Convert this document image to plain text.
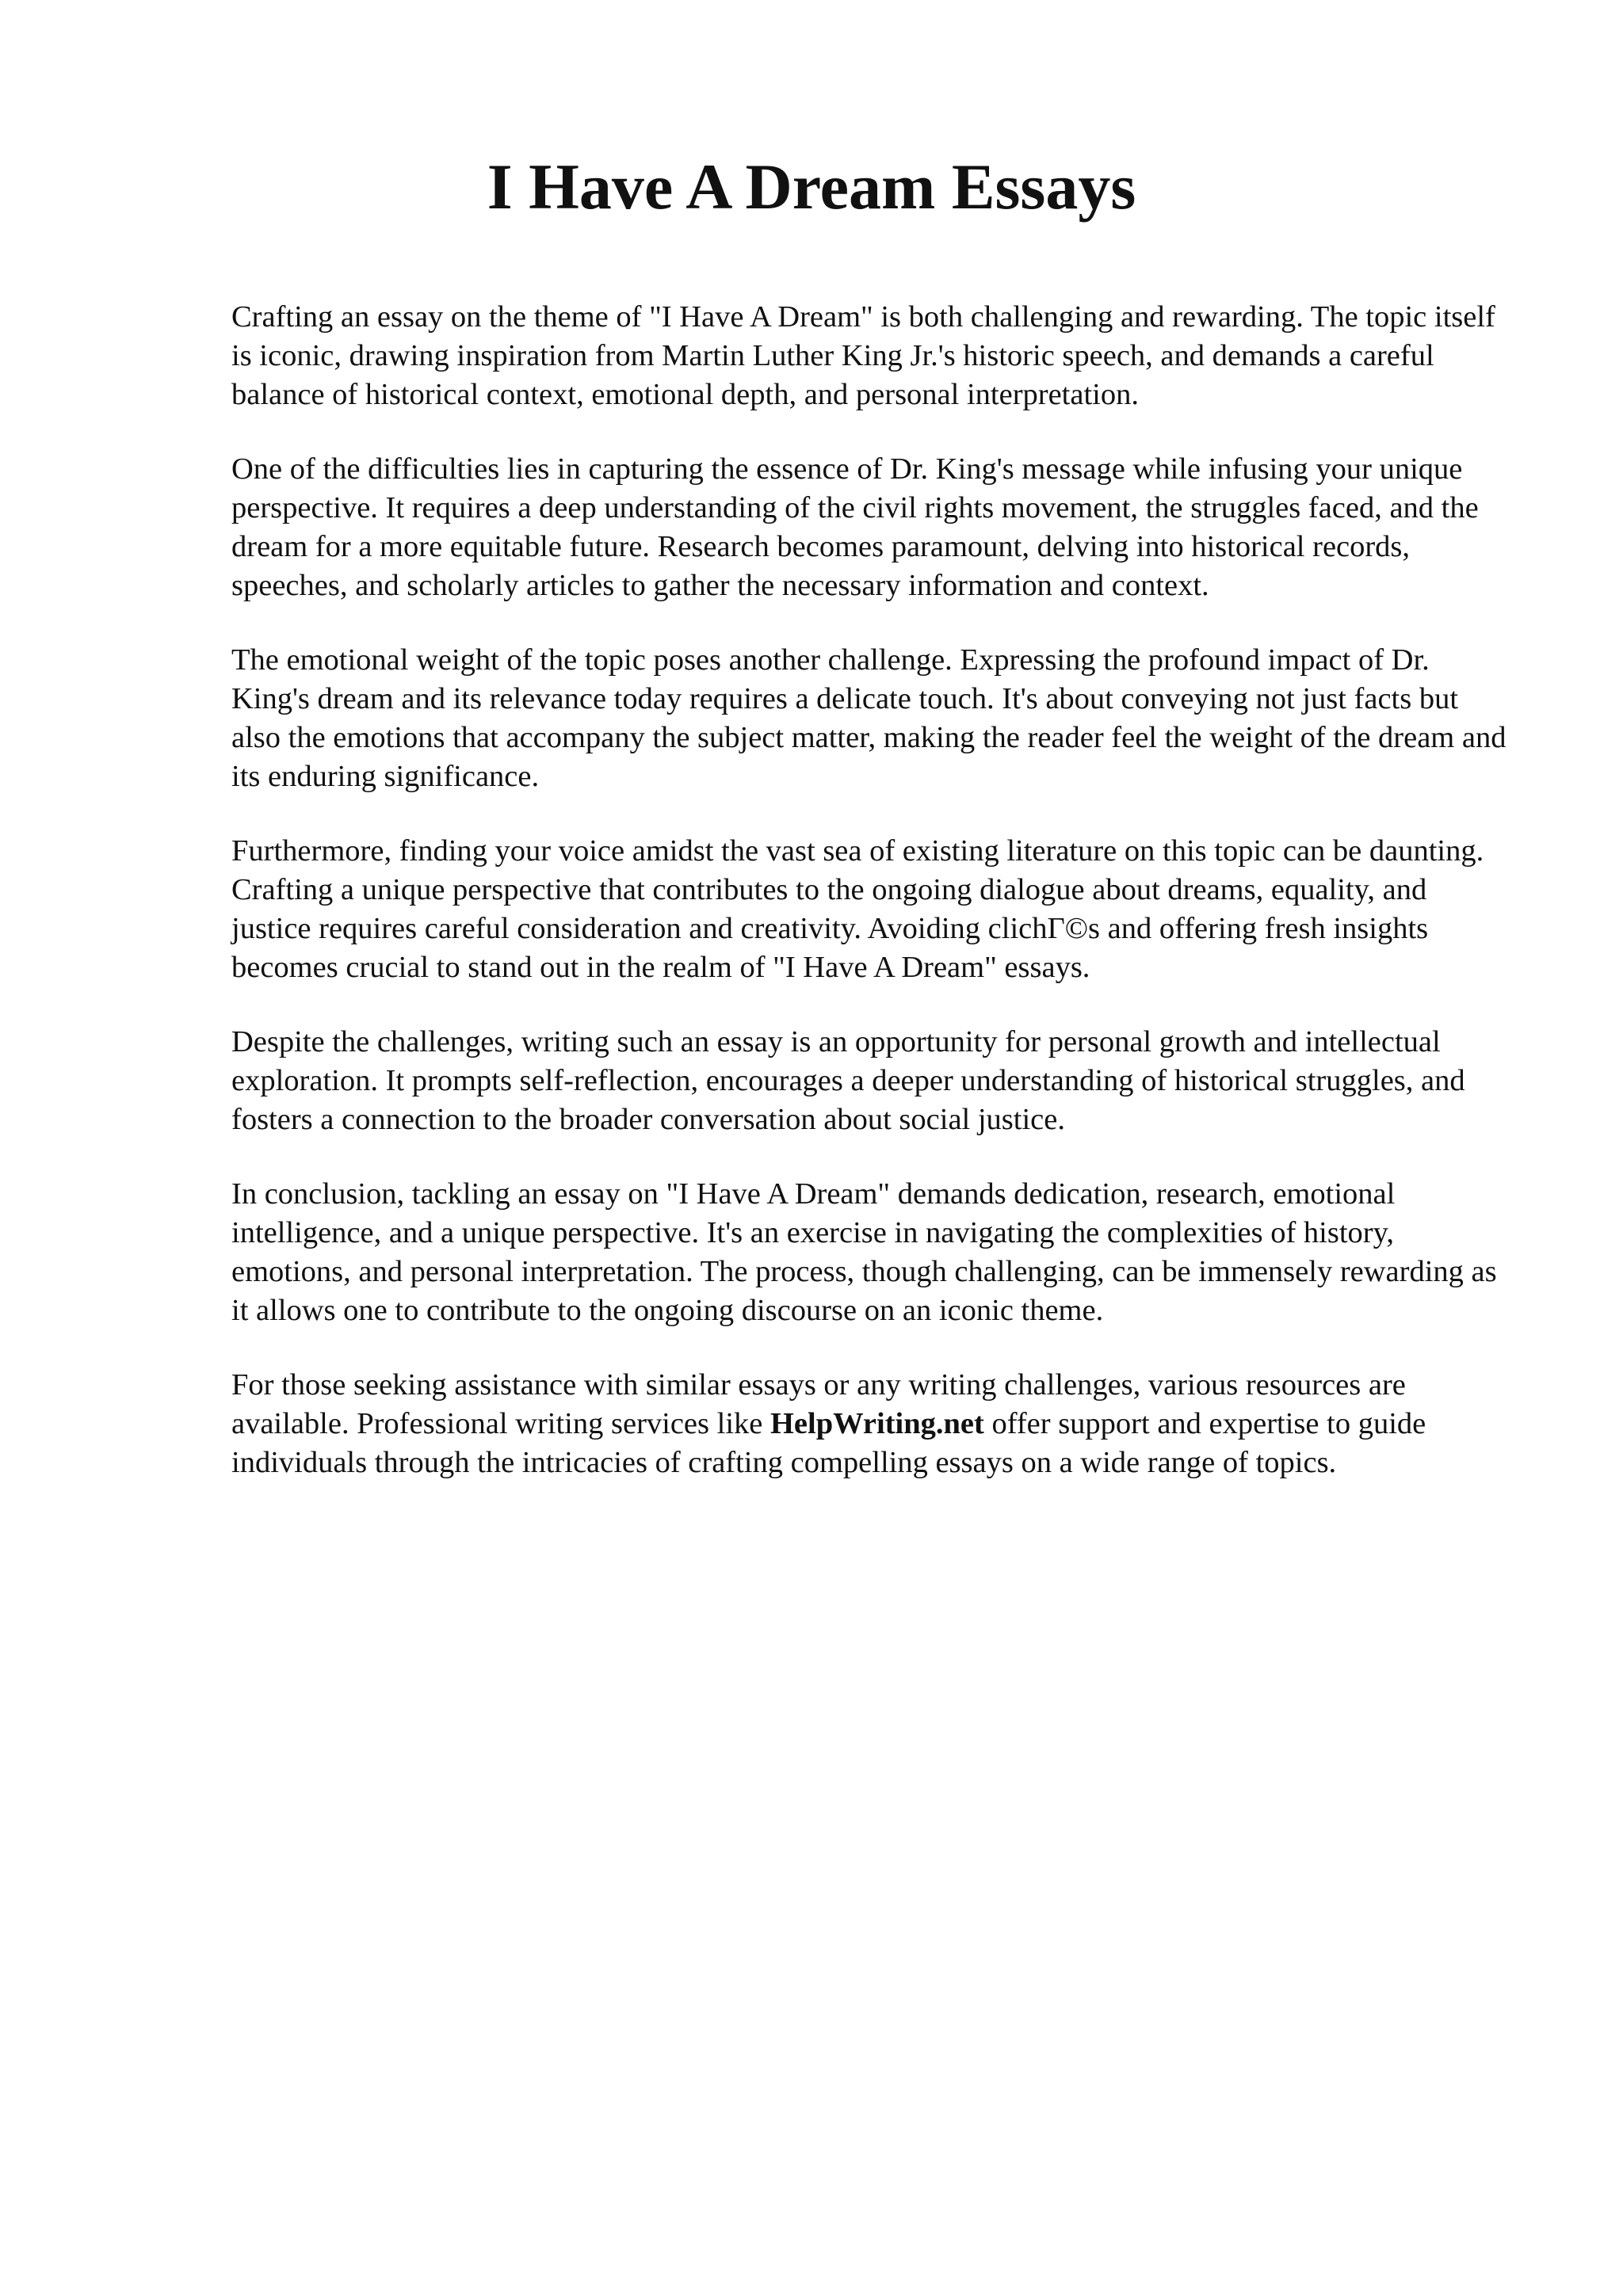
I Have A Dream Essays

Crafting an essay on the theme of "I Have A Dream" is both challenging and rewarding. The topic itself is iconic, drawing inspiration from Martin Luther King Jr.'s historic speech, and demands a careful balance of historical context, emotional depth, and personal interpretation.

One of the difficulties lies in capturing the essence of Dr. King's message while infusing your unique perspective. It requires a deep understanding of the civil rights movement, the struggles faced, and the dream for a more equitable future. Research becomes paramount, delving into historical records, speeches, and scholarly articles to gather the necessary information and context.

The emotional weight of the topic poses another challenge. Expressing the profound impact of Dr. King's dream and its relevance today requires a delicate touch. It's about conveying not just facts but also the emotions that accompany the subject matter, making the reader feel the weight of the dream and its enduring significance.

Furthermore, finding your voice amidst the vast sea of existing literature on this topic can be daunting. Crafting a unique perspective that contributes to the ongoing dialogue about dreams, equality, and justice requires careful consideration and creativity. Avoiding clichГ©s and offering fresh insights becomes crucial to stand out in the realm of "I Have A Dream" essays.

Despite the challenges, writing such an essay is an opportunity for personal growth and intellectual exploration. It prompts self-reflection, encourages a deeper understanding of historical struggles, and fosters a connection to the broader conversation about social justice.

In conclusion, tackling an essay on "I Have A Dream" demands dedication, research, emotional intelligence, and a unique perspective. It's an exercise in navigating the complexities of history, emotions, and personal interpretation. The process, though challenging, can be immensely rewarding as it allows one to contribute to the ongoing discourse on an iconic theme.

For those seeking assistance with similar essays or any writing challenges, various resources are available. Professional writing services like HelpWriting.net offer support and expertise to guide individuals through the intricacies of crafting compelling essays on a wide range of topics.
